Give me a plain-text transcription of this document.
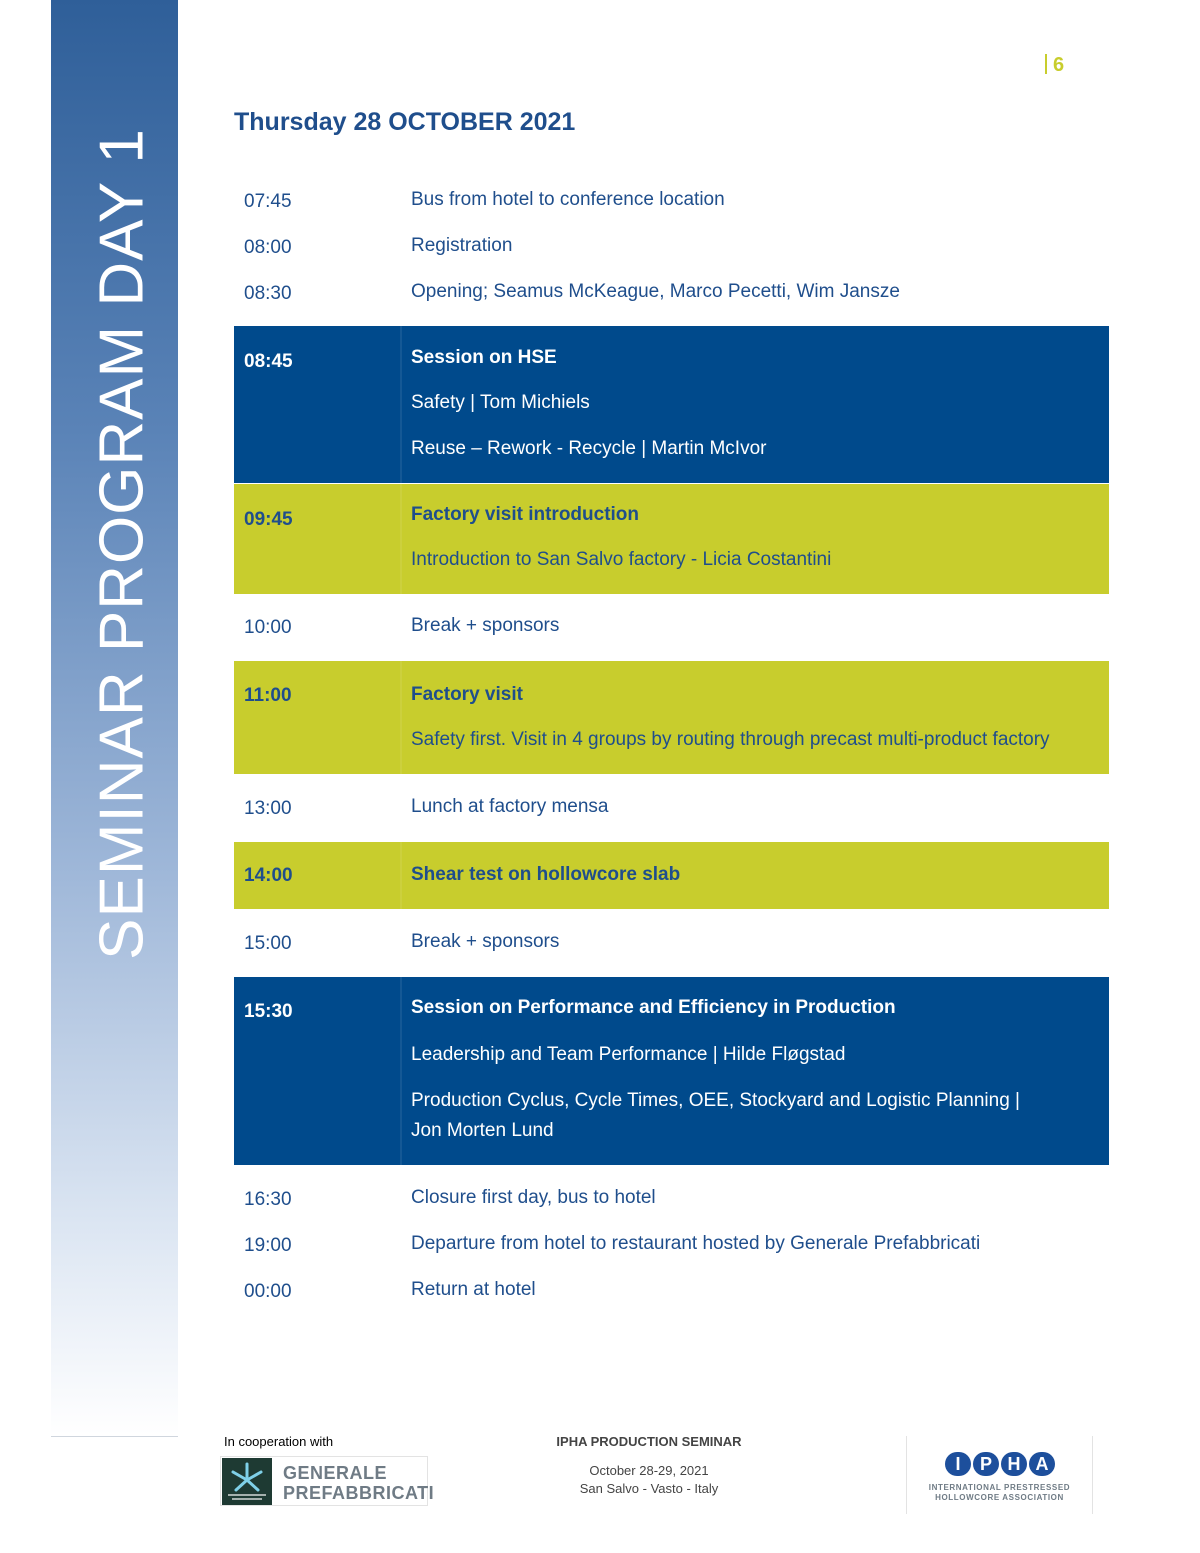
SEMINAR PROGRAM DAY 1
6
Thursday 28 OCTOBER 2021
07:45	Bus from hotel to conference location
08:00	Registration
08:30	Opening; Seamus McKeague, Marco Pecetti, Wim Jansze
08:45	Session on HSE
Safety | Tom Michiels
Reuse – Rework - Recycle | Martin McIvor
09:45	Factory visit introduction
Introduction to San Salvo factory - Licia Costantini
10:00	Break + sponsors
11:00	Factory visit
Safety first. Visit in 4 groups by routing through precast multi-product factory
13:00	Lunch at factory mensa
14:00	Shear test on hollowcore slab
15:00	Break + sponsors
15:30	Session on Performance and Efficiency in Production
Leadership and Team Performance | Hilde Fløgstad
Production Cyclus, Cycle Times, OEE, Stockyard and Logistic Planning |
Jon Morten Lund
16:30	Closure first day, bus to hotel
19:00	Departure from hotel to restaurant hosted by Generale Prefabbricati
00:00	Return at hotel
In cooperation with
GENERALE
PREFABBRICATI
IPHA PRODUCTION SEMINAR
October 28-29, 2021
San Salvo - Vasto - Italy
I	P H A
INTERNATIONAL PRESTRESSED
HOLLOWCORE ASSOCIATION
